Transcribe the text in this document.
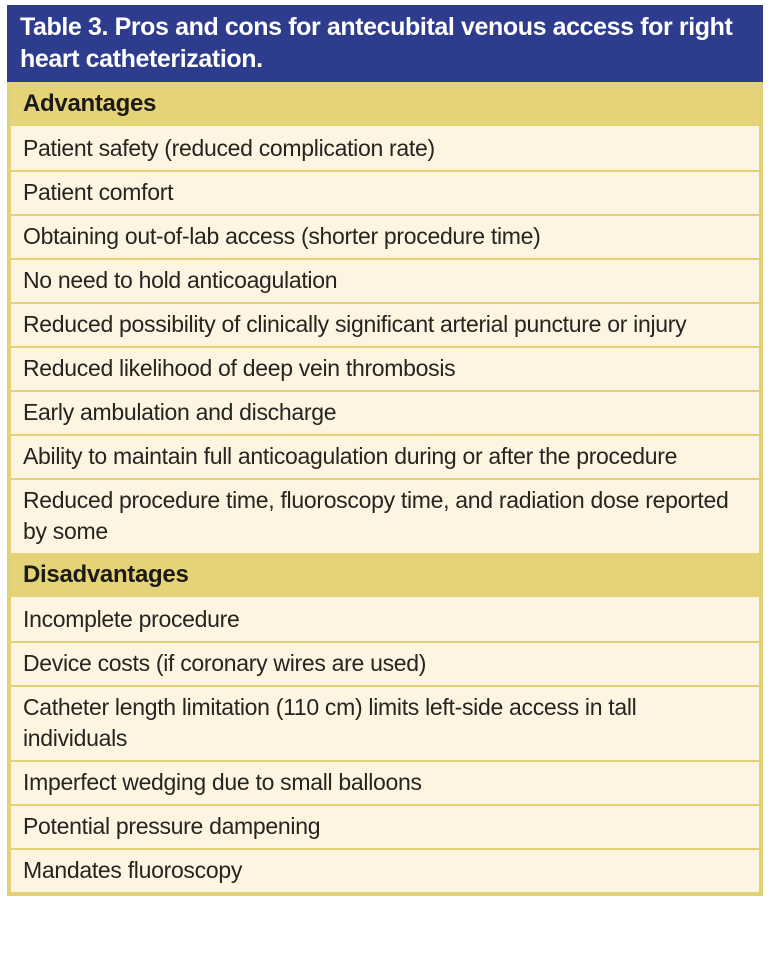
Table 3. Pros and cons for antecubital venous access for right heart catheterization.
Advantages
Patient safety (reduced complication rate)
Patient comfort
Obtaining out-of-lab access (shorter procedure time)
No need to hold anticoagulation
Reduced possibility of clinically significant arterial puncture or injury
Reduced likelihood of deep vein thrombosis
Early ambulation and discharge
Ability to maintain full anticoagulation during or after the procedure
Reduced procedure time, fluoroscopy time, and radiation dose reported by some
Disadvantages
Incomplete procedure
Device costs (if coronary wires are used)
Catheter length limitation (110 cm) limits left-side access in tall individuals
Imperfect wedging due to small balloons
Potential pressure dampening
Mandates fluoroscopy
